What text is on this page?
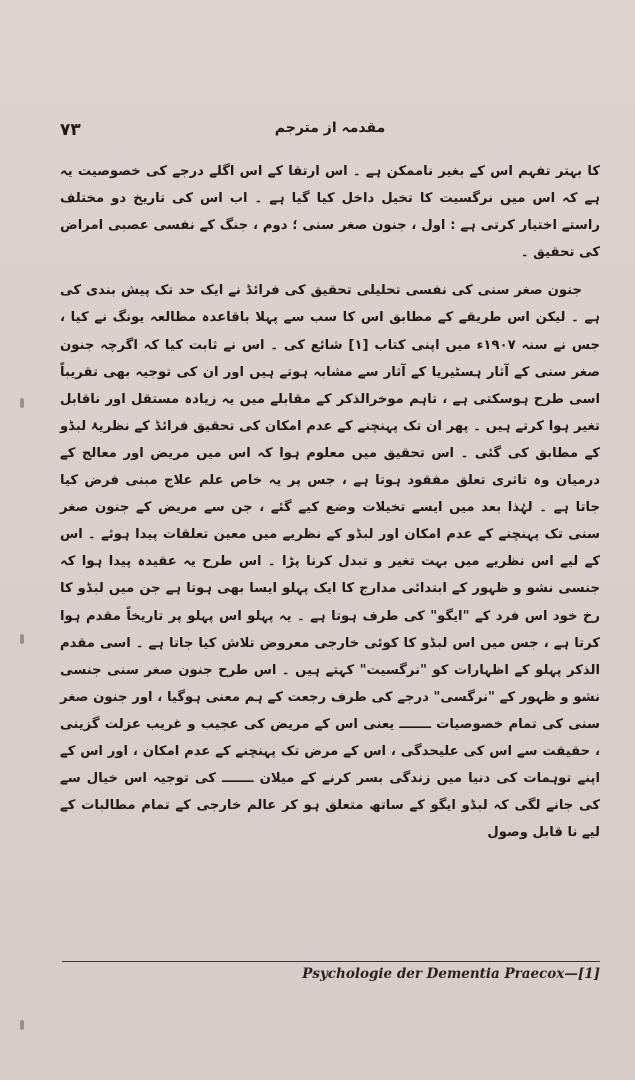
۷۳	مقدمہ از مترجم

کا بہتر تفہم اس کے بغیر ناممکن ہے ۔ اس ارتقا کے اس اگلے درجے کی خصوصیت یہ ہے کہ اس میں نرگسیت کا تخیل داخل کیا گیا ہے ۔ اب اس کی تاریخ دو مختلف راستے اختیار کرتی ہے : اول ، جنون صغر سنی ؛ دوم ، جنگ کے نفسی عصبی امراض کی تحقیق ۔

جنون صغر سنی کی نفسی تحلیلی تحقیق کی فرائڈ نے ایک حد تک پیش بندی کی ہے ۔ لیکن اس طریقے کے مطابق اس کا سب سے پہلا باقاعدہ مطالعہ یونگ نے کیا ، جس نے سنہ ۱۹۰۷ء میں اپنی کتاب [۱] شائع کی ۔ اس نے ثابت کیا کہ اگرچہ جنون صغر سنی کے آثار ہسٹیریا کے آثار سے مشابہ ہوتے ہیں اور ان کی توجیہ بھی تقریباً اسی طرح ہوسکتی ہے ، تاہم موخرالذکر کے مقابلے میں یہ زیادہ مستقل اور ناقابل تغیر ہوا کرتے ہیں ۔ پھر ان تک پہنچنے کے عدم امکان کی تحقیق فرائڈ کے نظریۂ لبڈو کے مطابق کی گئی ۔ اس تحقیق میں معلوم ہوا کہ اس میں مریض اور معالج کے درمیان وہ تاثری تعلق مفقود ہوتا ہے ، جس پر یہ خاص علم علاج مبنی فرض کیا جاتا ہے ۔ لہٰذا بعد میں ایسے تخیلات وضع کیے گئے ، جن سے مریض کے جنون صغر سنی تک پہنچنے کے عدم امکان اور لبڈو کے نظریے میں معین تعلقات پیدا ہوئے ۔ اس کے لیے اس نظریے میں بہت تغیر و تبدل کرنا پڑا ۔ اس طرح یہ عقیدہ پیدا ہوا کہ جنسی نشو و ظہور کے ابتدائی مدارج کا ایک پہلو ایسا بھی ہوتا ہے جن میں لبڈو کا رخ خود اس فرد کے "ایگو" کی طرف ہوتا ہے ۔ یہ پہلو اس پہلو پر تاریخاً مقدم ہوا کرتا ہے ، جس میں اس لبڈو کا کوئی خارجی معروض تلاش کیا جاتا ہے ۔ اسی مقدم الذکر پہلو کے اظہارات کو "نرگسیت" کہتے ہیں ۔ اس طرح جنون صغر سنی جنسی نشو و ظہور کے "نرگسی" درجے کی طرف رجعت کے ہم معنی ہوگیا ، اور جنون صغر سنی کی تمام خصوصیات ـــــــ یعنی اس کے مریض کی عجیب و غریب عزلت گزینی ، حقیقت سے اس کی علیحدگی ، اس کے مرض تک پہنچنے کے عدم امکان ، اور اس کے اپنے توہمات کی دنیا میں زندگی بسر کرنے کے میلان ـــــــ کی توجیہ اس خیال سے کی جانے لگی کہ لبڈو ایگو کے ساتھ متعلق ہو کر عالم خارجی کے تمام مطالبات کے لیے نا قابل وصول

Psychologie der Dementia Praecox—[1]
